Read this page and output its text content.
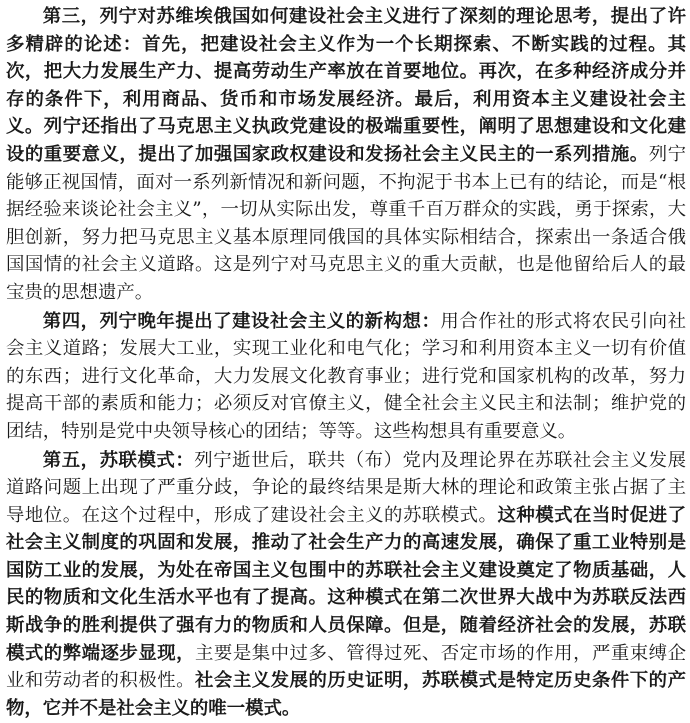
第三，列宁对苏维埃俄国如何建设社会主义进行了深刻的理论思考，提出了许多精辟的论述：首先，把建设社会主义作为一个长期探索、不断实践的过程。其次，把大力发展生产力、提高劳动生产率放在首要地位。再次，在多种经济成分并存的条件下，利用商品、货币和市场发展经济。最后，利用资本主义建设社会主义。列宁还指出了马克思主义执政党建设的极端重要性，阐明了思想建设和文化建设的重要意义，提出了加强国家政权建设和发扬社会主义民主的一系列措施。列宁能够正视国情，面对一系列新情况和新问题，不拘泥于书本上已有的结论，而是“根据经验来谈论社会主义”，一切从实际出发，尊重千百万群众的实践，勇于探索，大胆创新，努力把马克思主义基本原理同俄国的具体实际相结合，探索出一条适合俄国国情的社会主义道路。这是列宁对马克思主义的重大贡献，也是他留给后人的最宝贵的思想遗产。

第四，列宁晚年提出了建设社会主义的新构想：用合作社的形式将农民引向社会主义道路；发展大工业，实现工业化和电气化；学习和利用资本主义一切有价值的东西；进行文化革命，大力发展文化教育事业；进行党和国家机构的改革，努力提高干部的素质和能力；必须反对官僚主义，健全社会主义民主和法制；维护党的团结，特别是党中央领导核心的团结；等等。这些构想具有重要意义。

第五，苏联模式：列宁逝世后，联共（布）党内及理论界在苏联社会主义发展道路问题上出现了严重分歧，争论的最终结果是斯大林的理论和政策主张占据了主导地位。在这个过程中，形成了建设社会主义的苏联模式。这种模式在当时促进了社会主义制度的巩固和发展，推动了社会生产力的高速发展，确保了重工业特别是国防工业的发展，为处在帝国主义包围中的苏联社会主义建设奠定了物质基础，人民的物质和文化生活水平也有了提高。这种模式在第二次世界大战中为苏联反法西斯战争的胜利提供了强有力的物质和人员保障。但是，随着经济社会的发展，苏联模式的弊端逐步显现，主要是集中过多、管得过死、否定市场的作用，严重束缚企业和劳动者的积极性。社会主义发展的历史证明，苏联模式是特定历史条件下的产物，它并不是社会主义的唯一模式。
